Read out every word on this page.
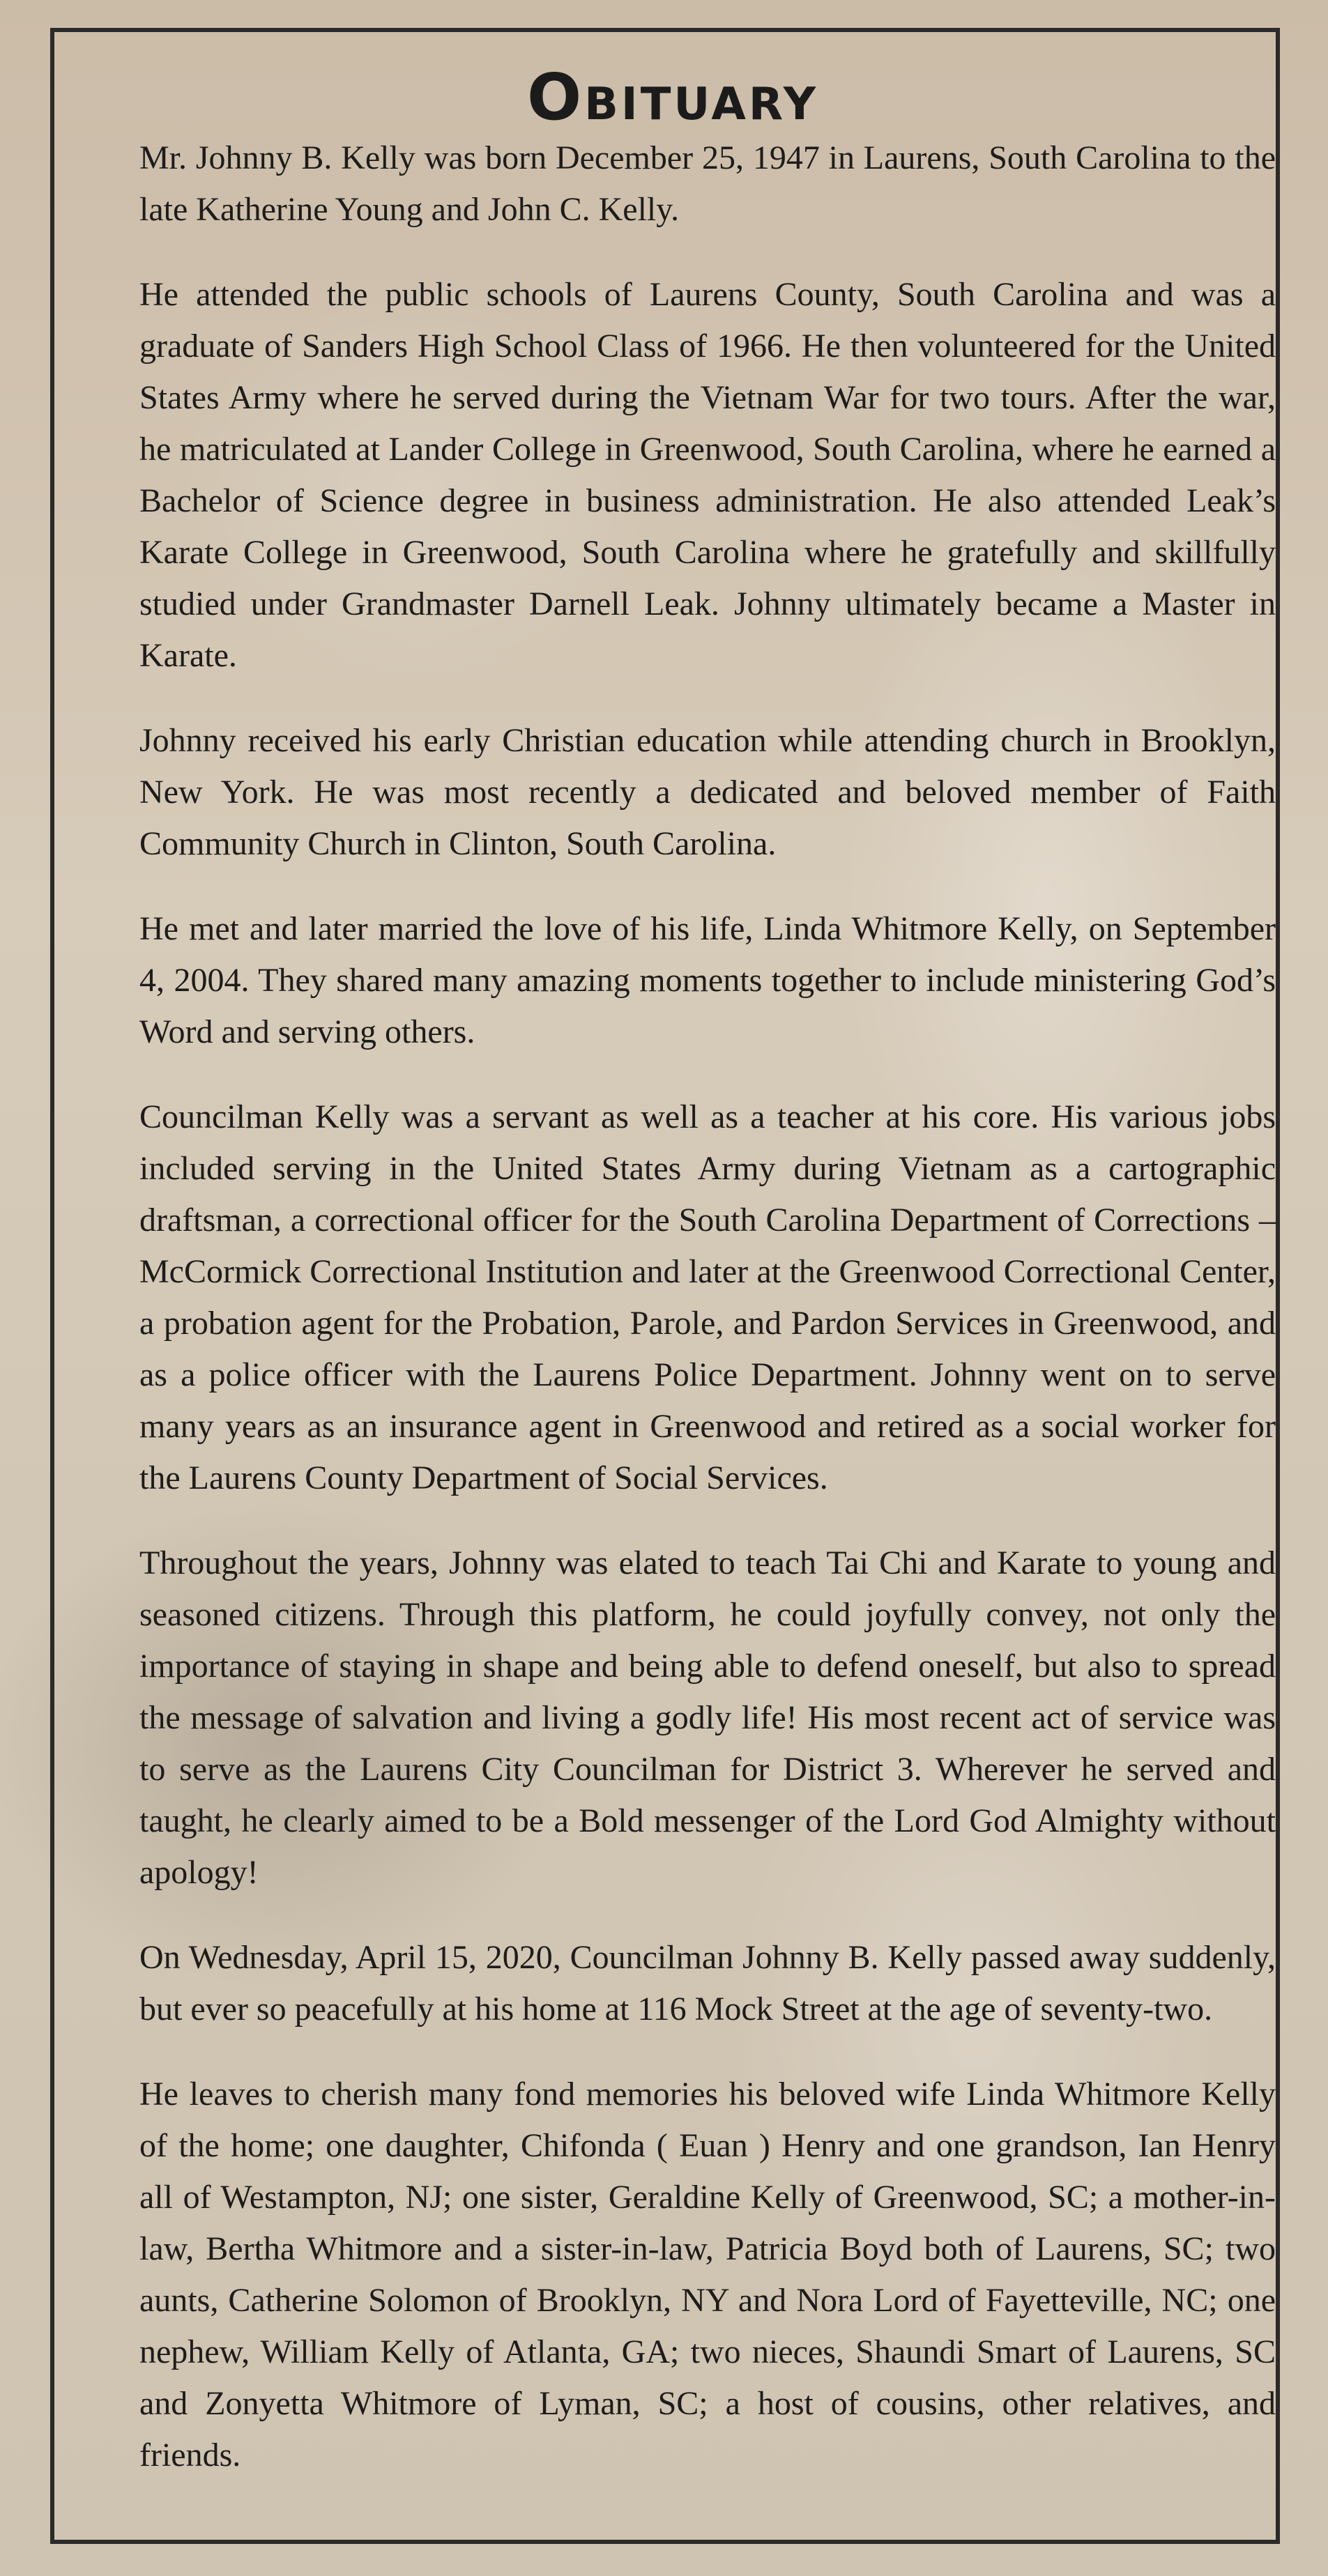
Obituary

Mr. Johnny B. Kelly was born December 25, 1947 in Laurens, South Carolina to the late Katherine Young and John C. Kelly.

He attended the public schools of Laurens County, South Carolina and was a graduate of Sanders High School Class of 1966. He then volunteered for the United States Army where he served during the Vietnam War for two tours. After the war, he matriculated at Lander College in Greenwood, South Carolina, where he earned a Bachelor of Science degree in business administration. He also attended Leak’s Karate College in Greenwood, South Carolina where he gratefully and skillfully studied under Grandmaster Darnell Leak. Johnny ultimately became a Master in Karate.

Johnny received his early Christian education while attending church in Brooklyn, New York. He was most recently a dedicated and beloved member of Faith Community Church in Clinton, South Carolina.

He met and later married the love of his life, Linda Whitmore Kelly, on September 4, 2004. They shared many amazing moments together to include ministering God’s Word and serving others.

Councilman Kelly was a servant as well as a teacher at his core. His various jobs included serving in the United States Army during Vietnam as a cartographic draftsman, a correctional officer for the South Carolina Department of Corrections – McCormick Correctional Institution and later at the Greenwood Correctional Center, a probation agent for the Probation, Parole, and Pardon Services in Greenwood, and as a police officer with the Laurens Police Department. Johnny went on to serve many years as an insurance agent in Greenwood and retired as a social worker for the Laurens County Department of Social Services.

Throughout the years, Johnny was elated to teach Tai Chi and Karate to young and seasoned citizens. Through this platform, he could joyfully convey, not only the importance of staying in shape and being able to defend oneself, but also to spread the message of salvation and living a godly life! His most recent act of service was to serve as the Laurens City Councilman for District 3. Wherever he served and taught, he clearly aimed to be a Bold messenger of the Lord God Almighty without apology!

On Wednesday, April 15, 2020, Councilman Johnny B. Kelly passed away suddenly, but ever so peacefully at his home at 116 Mock Street at the age of seventy-two.

He leaves to cherish many fond memories his beloved wife Linda Whitmore Kelly of the home; one daughter, Chifonda ( Euan ) Henry and one grandson, Ian Henry all of Westampton, NJ; one sister, Geraldine Kelly of Greenwood, SC; a mother-in-law, Bertha Whitmore and a sister-in-law, Patricia Boyd both of Laurens, SC; two aunts, Catherine Solomon of Brooklyn, NY and Nora Lord of Fayetteville, NC; one nephew, William Kelly of Atlanta, GA; two nieces, Shaundi Smart of Laurens, SC and Zonyetta Whitmore of Lyman, SC; a host of cousins, other relatives, and friends.
